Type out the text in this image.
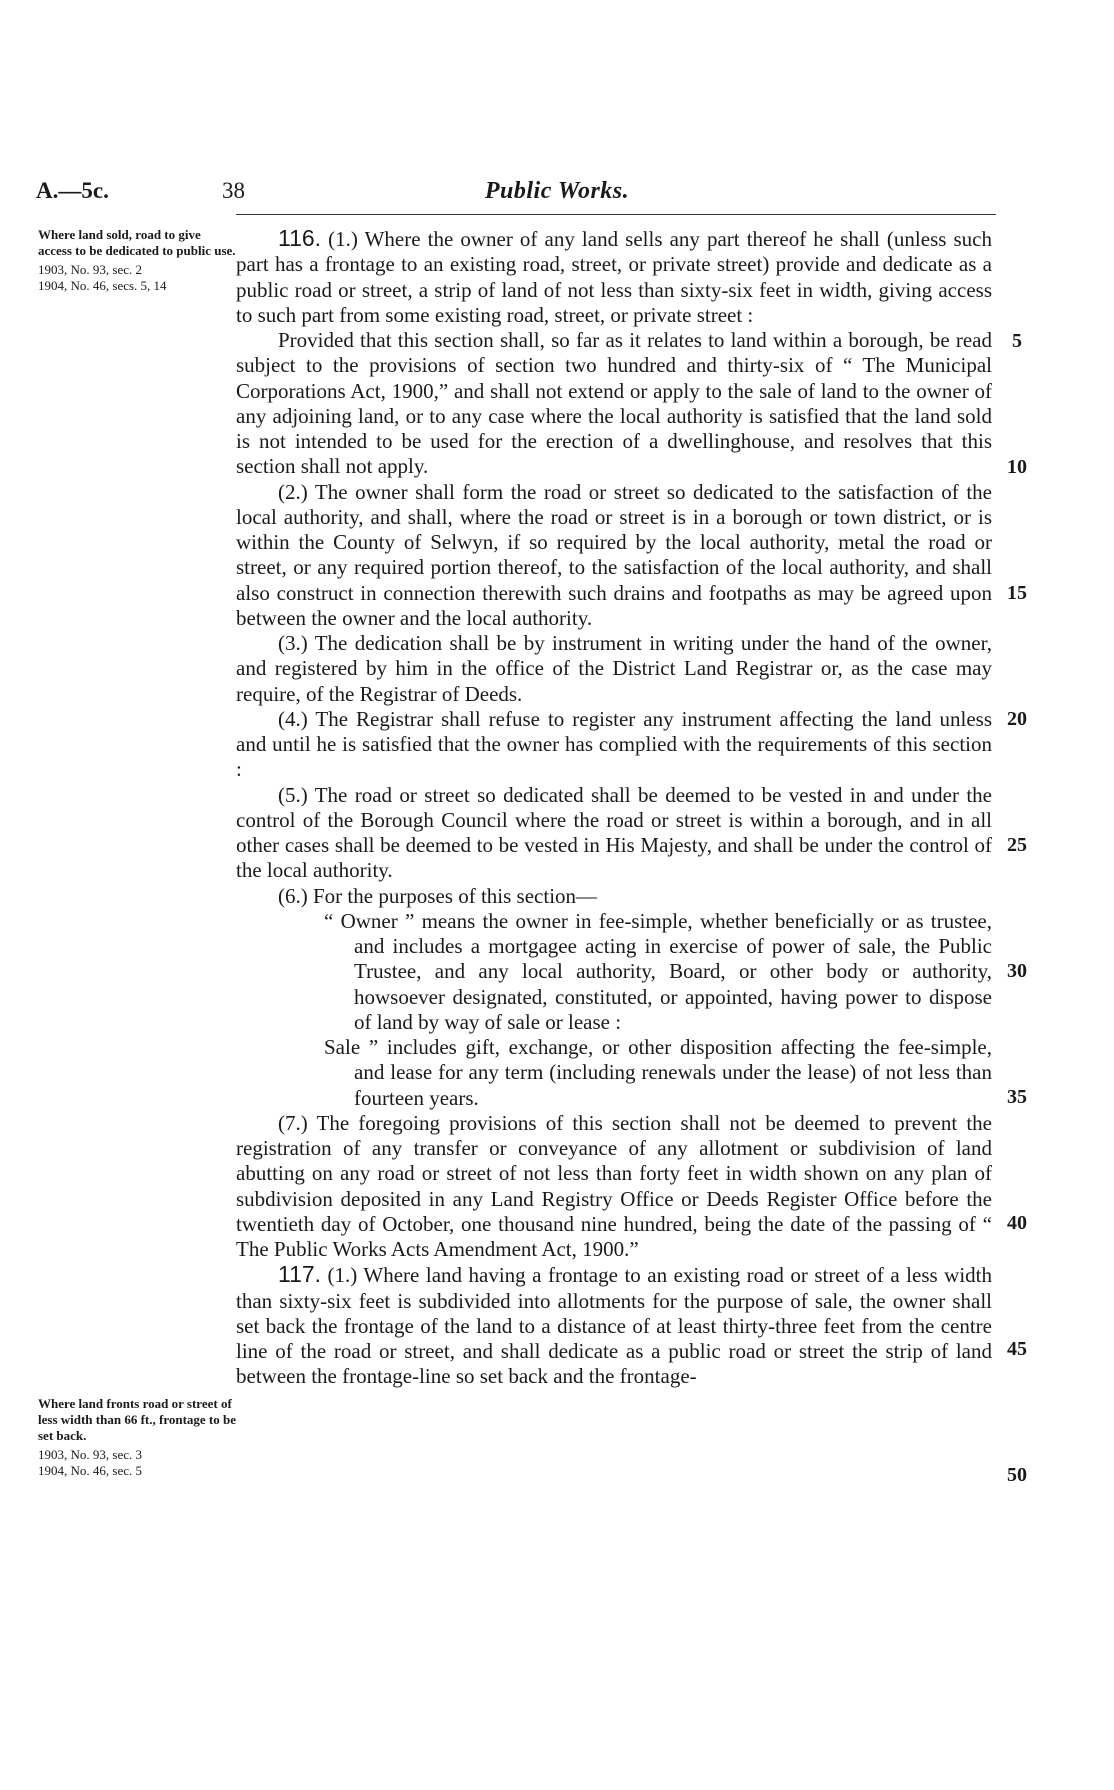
A.—5c.	38	Public Works.
Where land sold, road to give access to be dedicated to public use.
1903, No. 93, sec. 2
1904, No. 46, secs. 5, 14
Where land fronts road or street of less width than 66 ft., frontage to be set back.
1903, No. 93, sec. 3
1904, No. 46, sec. 5

116. (1.) Where the owner of any land sells any part thereof he shall (unless such part has a frontage to an existing road, street, or private street) provide and dedicate as a public road or street, a strip of land of not less than sixty-six feet in width, giving access to such part from some existing road, street, or private street :

Provided that this section shall, so far as it relates to land within a borough, be read subject to the provisions of section two hundred and thirty-six of “ The Municipal Corporations Act, 1900,” and shall not extend or apply to the sale of land to the owner of any adjoining land, or to any case where the local authority is satisfied that the land sold is not intended to be used for the erection of a dwellinghouse, and resolves that this section shall not apply.

(2.) The owner shall form the road or street so dedicated to the satisfaction of the local authority, and shall, where the road or street is in a borough or town district, or is within the County of Selwyn, if so required by the local authority, metal the road or street, or any required portion thereof, to the satisfaction of the local authority, and shall also construct in connection therewith such drains and footpaths as may be agreed upon between the owner and the local authority.

(3.) The dedication shall be by instrument in writing under the hand of the owner, and registered by him in the office of the District Land Registrar or, as the case may require, of the Registrar of Deeds.

(4.) The Registrar shall refuse to register any instrument affecting the land unless and until he is satisfied that the owner has complied with the requirements of this section :

(5.) The road or street so dedicated shall be deemed to be vested in and under the control of the Borough Council where the road or street is within a borough, and in all other cases shall be deemed to be vested in His Majesty, and shall be under the control of the local authority.

(6.) For the purposes of this section—

“ Owner ” means the owner in fee-simple, whether beneficially or as trustee, and includes a mortgagee acting in exercise of power of sale, the Public Trustee, and any local authority, Board, or other body or authority, howsoever designated, constituted, or appointed, having power to dispose of land by way of sale or lease :

Sale ” includes gift, exchange, or other disposition affecting the fee-simple, and lease for any term (including renewals under the lease) of not less than fourteen years.

(7.) The foregoing provisions of this section shall not be deemed to prevent the registration of any transfer or conveyance of any allotment or subdivision of land abutting on any road or street of not less than forty feet in width shown on any plan of subdivision deposited in any Land Registry Office or Deeds Register Office before the twentieth day of October, one thousand nine hundred, being the date of the passing of “ The Public Works Acts Amendment Act, 1900.”

117. (1.) Where land having a frontage to an existing road or street of a less width than sixty-six feet is subdivided into allotments for the purpose of sale, the owner shall set back the frontage of the land to a distance of at least thirty-three feet from the centre line of the road or street, and shall dedicate as a public road or street the strip of land between the frontage-line so set back and the frontage-

5
10
15
20
25
30
35
40
45
50
